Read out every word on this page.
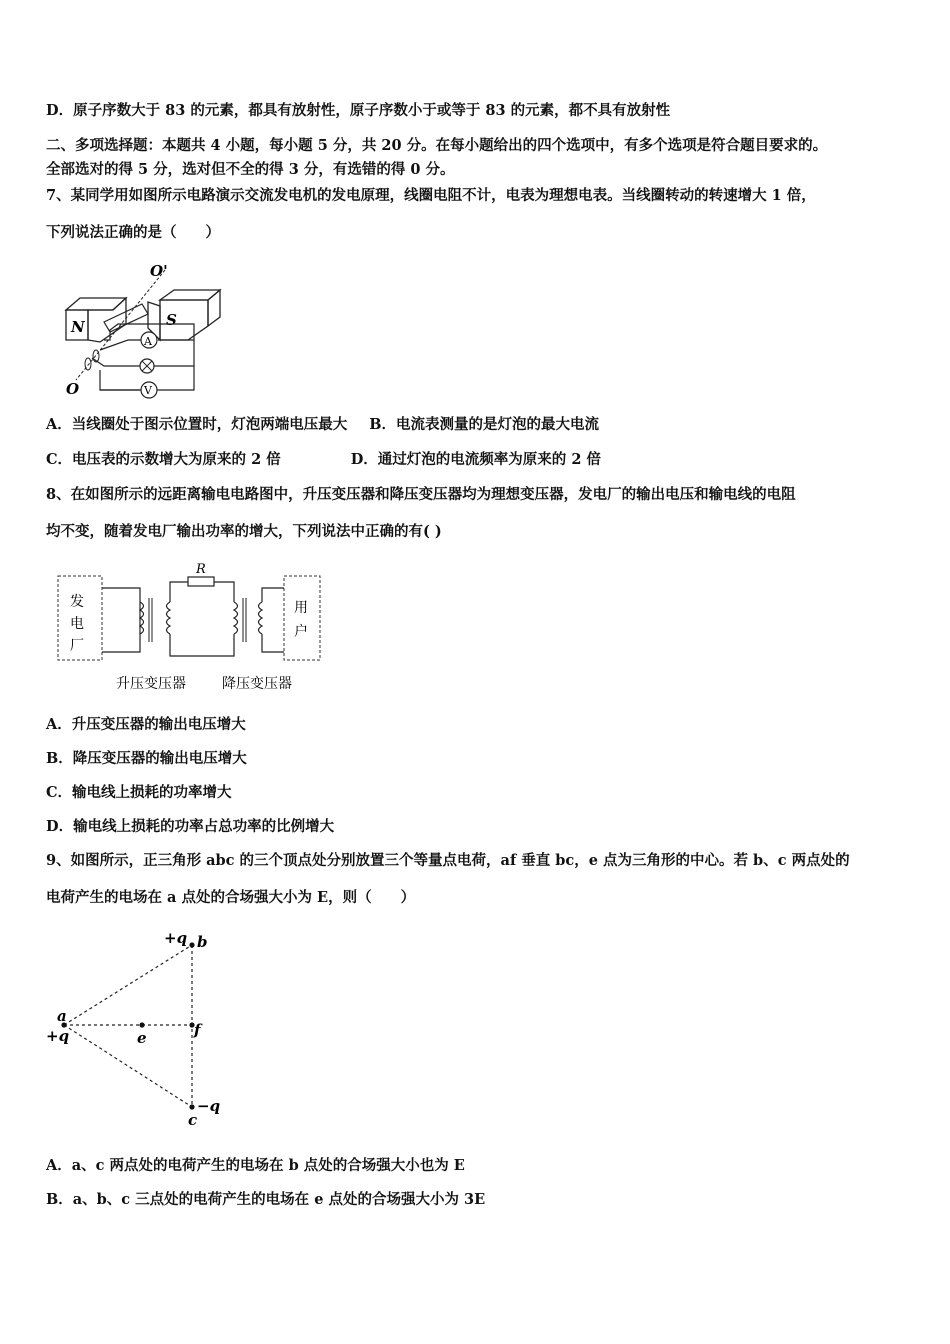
D．原子序数大于 83 的元素，都具有放射性，原子序数小于或等于 83 的元素，都不具有放射性
二、多项选择题：本题共 4 小题，每小题 5 分，共 20 分。在每小题给出的四个选项中，有多个选项是符合题目要求的。
全部选对的得 5 分，选对但不全的得 3 分，有选错的得 0 分。
7、某同学用如图所示电路演示交流发电机的发电原理，线圈电阻不计，电表为理想电表。当线圈转动的转速增大 1 倍，
下列说法正确的是（　　）
N	S
O'
O
A
V
A．当线圈处于图示位置时，灯泡两端电压最大 B．电流表测量的是灯泡的最大电流
C．电压表的示数增大为原来的 2 倍	D．通过灯泡的电流频率为原来的 2 倍
8、在如图所示的远距离输电电路图中，升压变压器和降压变压器均为理想变压器，发电厂的输出电压和输电线的电阻
均不变，随着发电厂输出功率的增大，下列说法中正确的有( )
发
电
厂
用
户
R
升压变压器	降压变压器
A．升压变压器的输出电压增大
B．降压变压器的输出电压增大
C．输电线上损耗的功率增大
D．输电线上损耗的功率占总功率的比例增大
9、如图所示，正三角形 abc 的三个顶点处分别放置三个等量点电荷，af 垂直 bc，e 点为三角形的中心。若 b、c 两点处的
电荷产生的电场在 a 点处的合场强大小为 E，则（　　）
+q b
a
+q	e	f
−q
c
A．a、c 两点处的电荷产生的电场在 b 点处的合场强大小也为 E
B．a、b、c 三点处的电荷产生的电场在 e 点处的合场强大小为 3E
